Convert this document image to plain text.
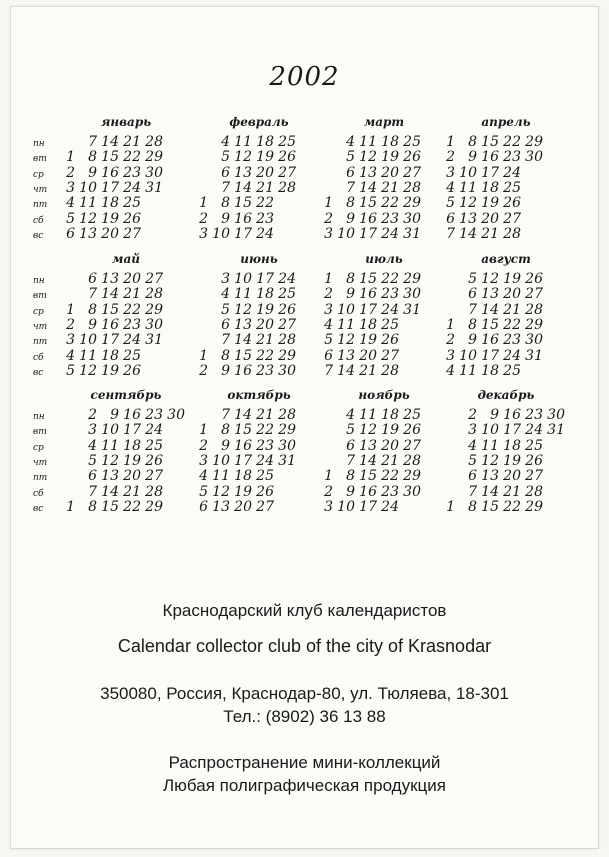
2002
пн
вт
ср
чт
пт
сб
вс
пн
вт
ср
чт
пт
сб
вс
пн
вт
ср
чт
пт
сб
вс
январь
7 14 21 28
1 8 15 22 29
2 9 16 23 30
3 10 17 24 31
4 11 18 25
5 12 19 26
6 13 20 27
февраль
4 11 18 25
5 12 19 26
6 13 20 27
7 14 21 28
1 8 15 22
2 9 16 23
3 10 17 24
март
4 11 18 25
5 12 19 26
6 13 20 27
7 14 21 28
1 8 15 22 29
2 9 16 23 30
3 10 17 24 31
апрель
1 8 15 22 29
2 9 16 23 30
3 10 17 24
4 11 18 25
5 12 19 26
6 13 20 27
7 14 21 28
май
6 13 20 27
7 14 21 28
1 8 15 22 29
2 9 16 23 30
3 10 17 24 31
4 11 18 25
5 12 19 26
июнь
3 10 17 24
4 11 18 25
5 12 19 26
6 13 20 27
7 14 21 28
1 8 15 22 29
2 9 16 23 30
июль
1 8 15 22 29
2 9 16 23 30
3 10 17 24 31
4 11 18 25
5 12 19 26
6 13 20 27
7 14 21 28
август
5 12 19 26
6 13 20 27
7 14 21 28
1 8 15 22 29
2 9 16 23 30
3 10 17 24 31
4 11 18 25
сентябрь
2 9 16 23 30
3 10 17 24
4 11 18 25
5 12 19 26
6 13 20 27
7 14 21 28
1 8 15 22 29
октябрь
7 14 21 28
1 8 15 22 29
2 9 16 23 30
3 10 17 24 31
4 11 18 25
5 12 19 26
6 13 20 27
ноябрь
4 11 18 25
5 12 19 26
6 13 20 27
7 14 21 28
1 8 15 22 29
2 9 16 23 30
3 10 17 24
декабрь
2 9 16 23 30
3 10 17 24 31
4 11 18 25
5 12 19 26
6 13 20 27
7 14 21 28
1 8 15 22 29
Краснодарский клуб календаристов
Calendar collector club of the city of Krasnodar
350080, Россия, Краснодар-80, ул. Тюляева, 18-301
Тел.: (8902) 36 13 88
Распространение мини-коллекций
Любая полиграфическая продукция
